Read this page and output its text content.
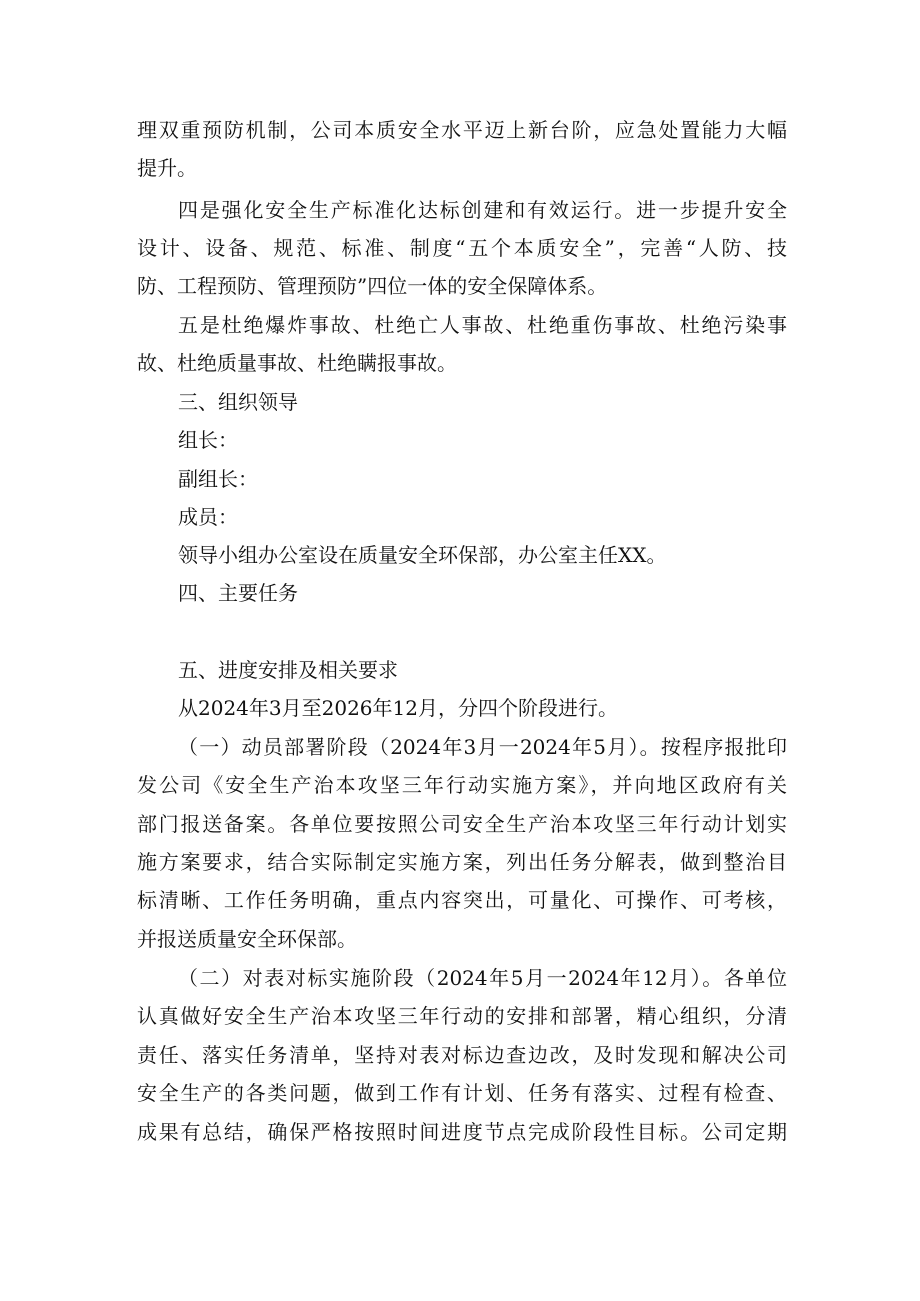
理双重预防机制，公司本质安全水平迈上新台阶，应急处置能力大幅
提升。
四是强化安全生产标准化达标创建和有效运行。进一步提升安全
设计、设备、规范、标准、制度“五个本质安全”，完善“人防、技
防、工程预防、管理预防”四位一体的安全保障体系。
五是杜绝爆炸事故、杜绝亡人事故、杜绝重伤事故、杜绝污染事
故、杜绝质量事故、杜绝瞒报事故。
三、组织领导
组长：
副组长：
成员：
领导小组办公室设在质量安全环保部，办公室主任XX。
四、主要任务
五、进度安排及相关要求
从2024年3月至2026年12月，分四个阶段进行。
（一）动员部署阶段（2024年3月一2024年5月）。按程序报批印
发公司《安全生产治本攻坚三年行动实施方案》，并向地区政府有关
部门报送备案。各单位要按照公司安全生产治本攻坚三年行动计划实
施方案要求，结合实际制定实施方案，列出任务分解表，做到整治目
标清晰、工作任务明确，重点内容突出，可量化、可操作、可考核，
并报送质量安全环保部。
（二）对表对标实施阶段（2024年5月一2024年12月）。各单位
认真做好安全生产治本攻坚三年行动的安排和部署，精心组织，分清
责任、落实任务清单，坚持对表对标边查边改，及时发现和解决公司
安全生产的各类问题，做到工作有计划、任务有落实、过程有检查、
成果有总结，确保严格按照时间进度节点完成阶段性目标。公司定期
